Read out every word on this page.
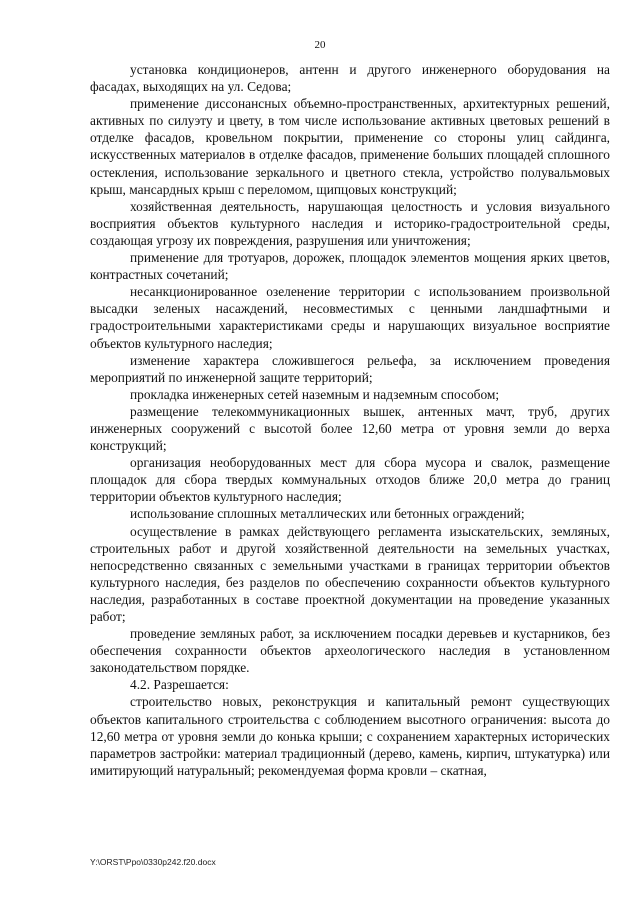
20

установка кондиционеров, антенн и другого инженерного оборудования на фасадах, выходящих на ул. Седова;

применение диссонансных объемно-пространственных, архитектурных решений, активных по силуэту и цвету, в том числе использование активных цветовых решений в отделке фасадов, кровельном покрытии, применение со стороны улиц сайдинга, искусственных материалов в отделке фасадов, применение больших площадей сплошного остекления, использование зеркального и цветного стекла, устройство полувальмовых крыш, мансардных крыш с переломом, щипцовых конструкций;

хозяйственная деятельность, нарушающая целостность и условия визуального восприятия объектов культурного наследия и историко-градостроительной среды, создающая угрозу их повреждения, разрушения или уничтожения;

применение для тротуаров, дорожек, площадок элементов мощения ярких цветов, контрастных сочетаний;

несанкционированное озеленение территории с использованием произвольной высадки зеленых насаждений, несовместимых с ценными ландшафтными и градостроительными характеристиками среды и нарушающих визуальное восприятие объектов культурного наследия;

изменение характера сложившегося рельефа, за исключением проведения мероприятий по инженерной защите территорий;

прокладка инженерных сетей наземным и надземным способом;

размещение телекоммуникационных вышек, антенных мачт, труб, других инженерных сооружений с высотой более 12,60 метра от уровня земли до верха конструкций;

организация необорудованных мест для сбора мусора и свалок, размещение площадок для сбора твердых коммунальных отходов ближе 20,0 метра до границ территории объектов культурного наследия;

использование сплошных металлических или бетонных ограждений;

осуществление в рамках действующего регламента изыскательских, земляных, строительных работ и другой хозяйственной деятельности на земельных участках, непосредственно связанных с земельными участками в границах территории объектов культурного наследия, без разделов по обеспечению сохранности объектов культурного наследия, разработанных в составе проектной документации на проведение указанных работ;

проведение земляных работ, за исключением посадки деревьев и кустарников, без обеспечения сохранности объектов археологического наследия в установленном законодательством порядке.

4.2. Разрешается:

строительство новых, реконструкция и капитальный ремонт существующих объектов капитального строительства с соблюдением высотного ограничения: высота до 12,60 метра от уровня земли до конька крыши; с сохранением характерных исторических параметров застройки: материал традиционный (дерево, камень, кирпич, штукатурка) или имитирующий натуральный; рекомендуемая форма кровли – скатная,

Y:\ORST\Ppo\0330p242.f20.docx
